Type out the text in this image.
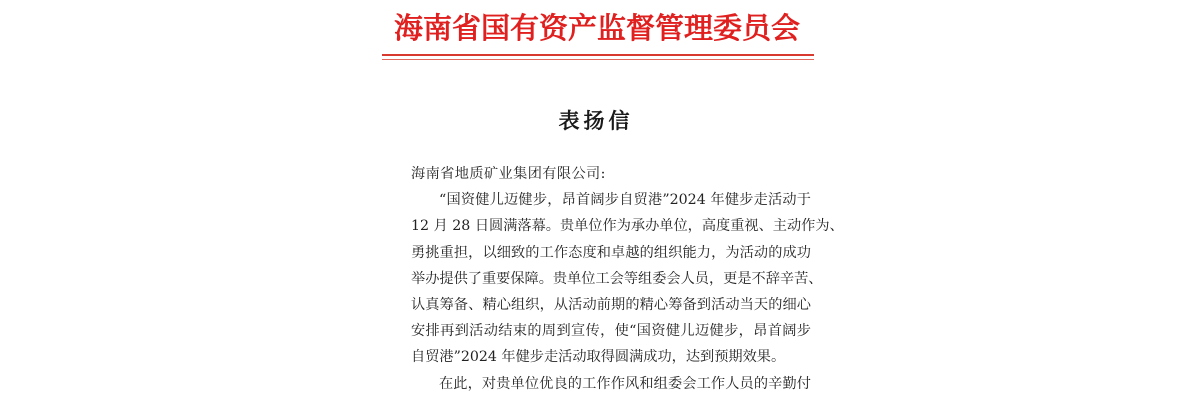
海南省国有资产监督管理委员会
表扬信
海南省地质矿业集团有限公司:
“国资健儿迈健步，昂首阔步自贸港”2024 年健步走活动于
12 月 28 日圆满落幕。贵单位作为承办单位，高度重视、主动作为、
勇挑重担，以细致的工作态度和卓越的组织能力，为活动的成功
举办提供了重要保障。贵单位工会等组委会人员，更是不辞辛苦、
认真筹备、精心组织，从活动前期的精心筹备到活动当天的细心
安排再到活动结束的周到宣传，使“国资健儿迈健步，昂首阔步
自贸港”2024 年健步走活动取得圆满成功，达到预期效果。
在此，对贵单位优良的工作作风和组委会工作人员的辛勤付
